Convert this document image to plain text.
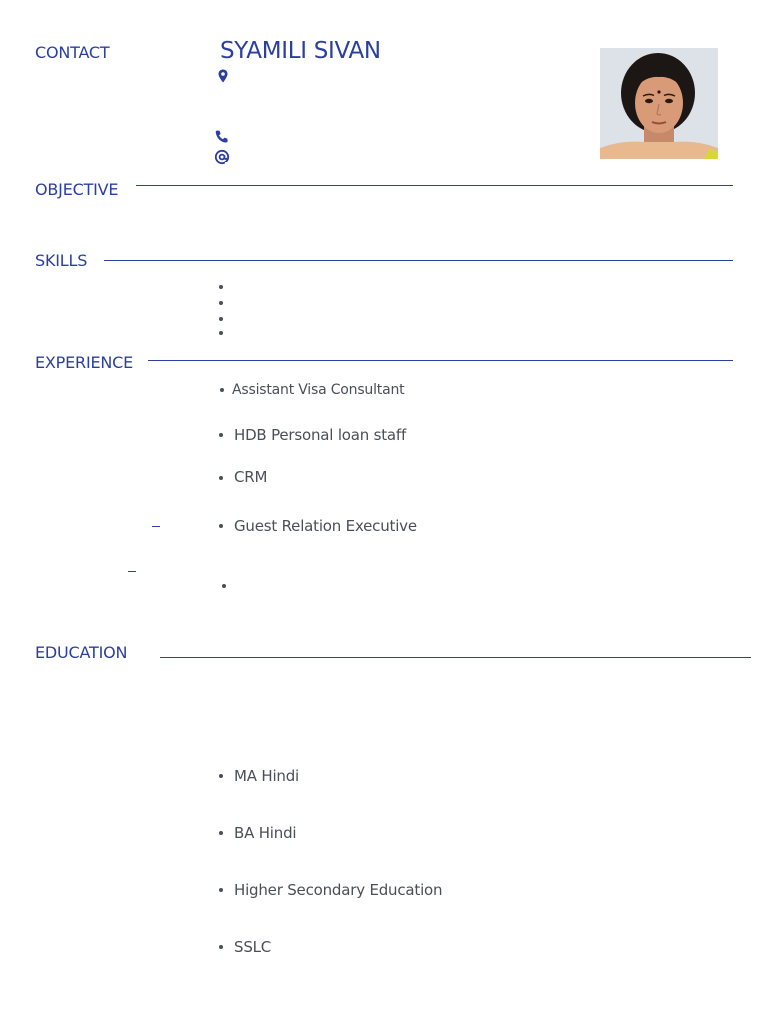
CONTACT	SYAMILI SIVAN
OBJECTIVE
SKILLS
EXPERIENCE
Assistant Visa Consultant
HDB Personal loan staff
CRM
Guest Relation Executive
EDUCATION
MA Hindi
BA Hindi
Higher Secondary Education
SSLC
